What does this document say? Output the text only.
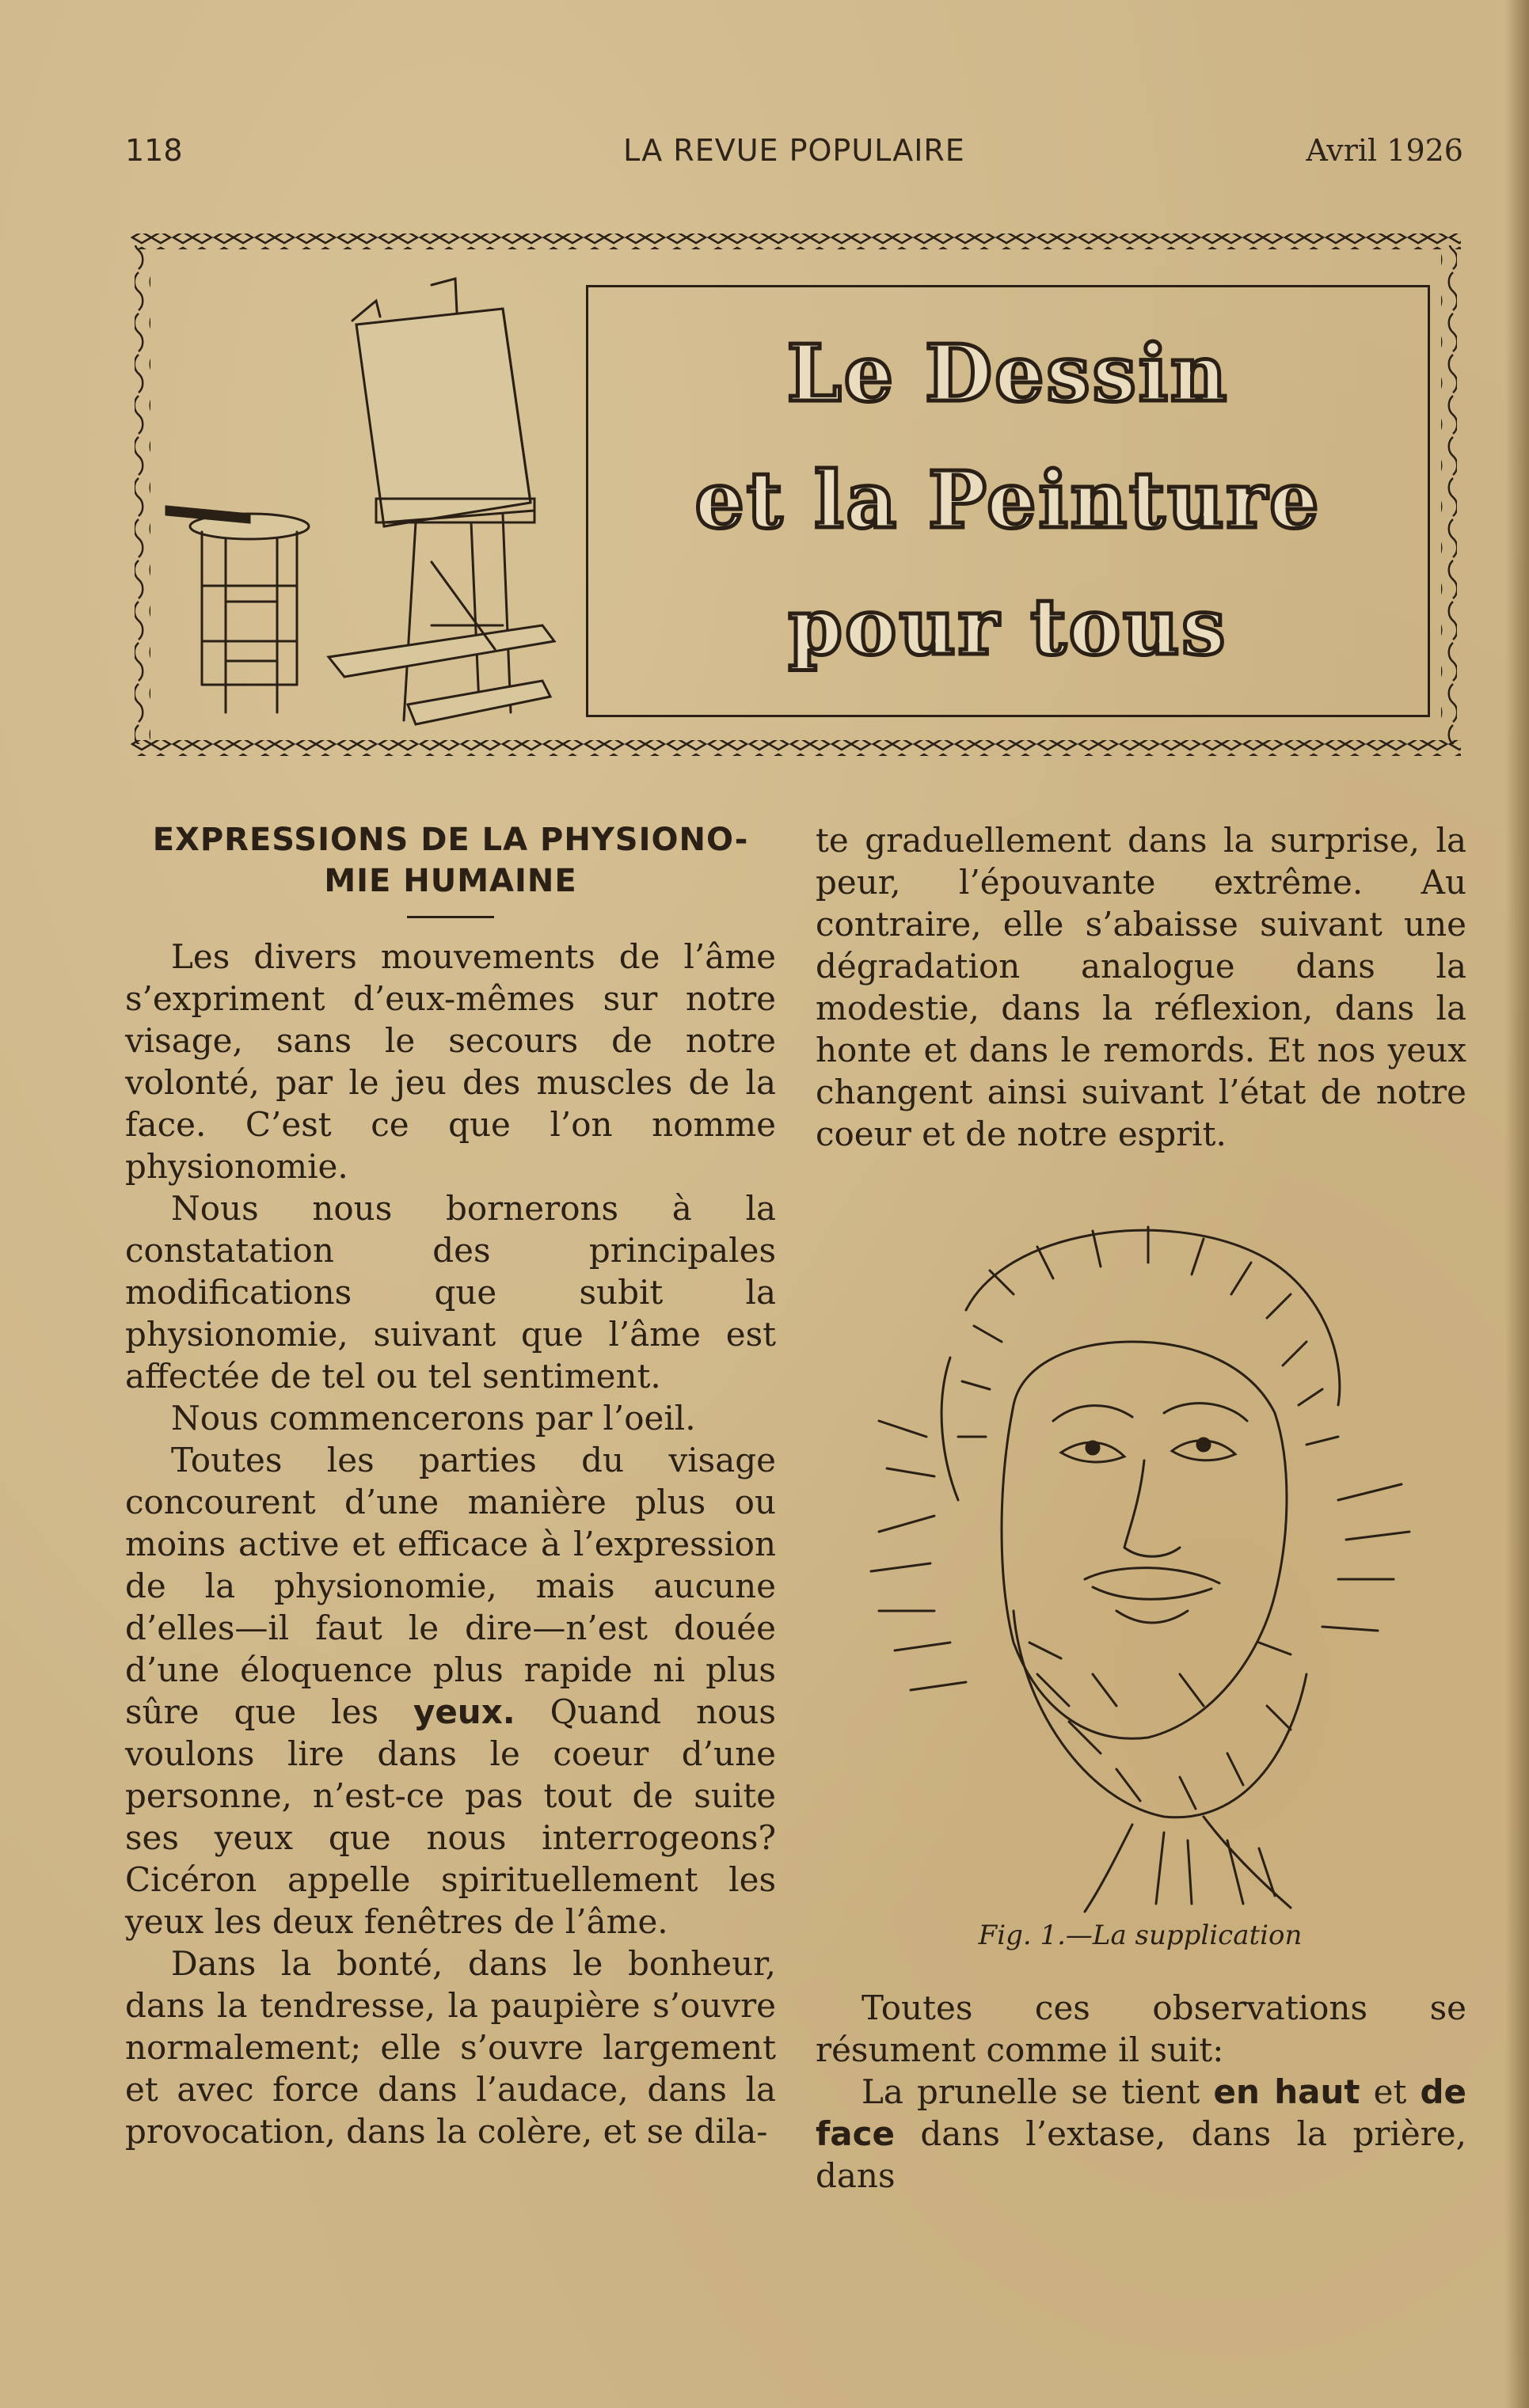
118	LA REVUE POPULAIRE	Avril 1926
Le Dessin
et la Peinture
pour tous
EXPRESSIONS DE LA PHYSIONO-MIE HUMAINE

Les divers mouvements de l’âme s’expriment d’eux-mêmes sur notre visage, sans le secours de notre volonté, par le jeu des muscles de la face. C’est ce que l’on nomme physionomie.

Nous nous bornerons à la constatation des principales modifications que subit la physionomie, suivant que l’âme est affectée de tel ou tel sentiment.

Nous commencerons par l’oeil.

Toutes les parties du visage concourent d’une manière plus ou moins active et efficace à l’expression de la physionomie, mais aucune d’elles—il faut le dire—n’est douée d’une éloquence plus rapide ni plus sûre que les yeux. Quand nous voulons lire dans le coeur d’une personne, n’est-ce pas tout de suite ses yeux que nous interrogeons? Cicéron appelle spirituellement les yeux les deux fenêtres de l’âme.

Dans la bonté, dans le bonheur, dans la tendresse, la paupière s’ouvre normalement; elle s’ouvre largement et avec force dans l’audace, dans la provocation, dans la colère, et se dila-

te graduellement dans la surprise, la peur, l’épouvante extrême. Au contraire, elle s’abaisse suivant une dégradation analogue dans la modestie, dans la réflexion, dans la honte et dans le remords. Et nos yeux changent ainsi suivant l’état de notre coeur et de notre esprit.

Fig. 1.—La supplication

Toutes ces observations se résument comme il suit:

La prunelle se tient en haut et de face dans l’extase, dans la prière, dans
